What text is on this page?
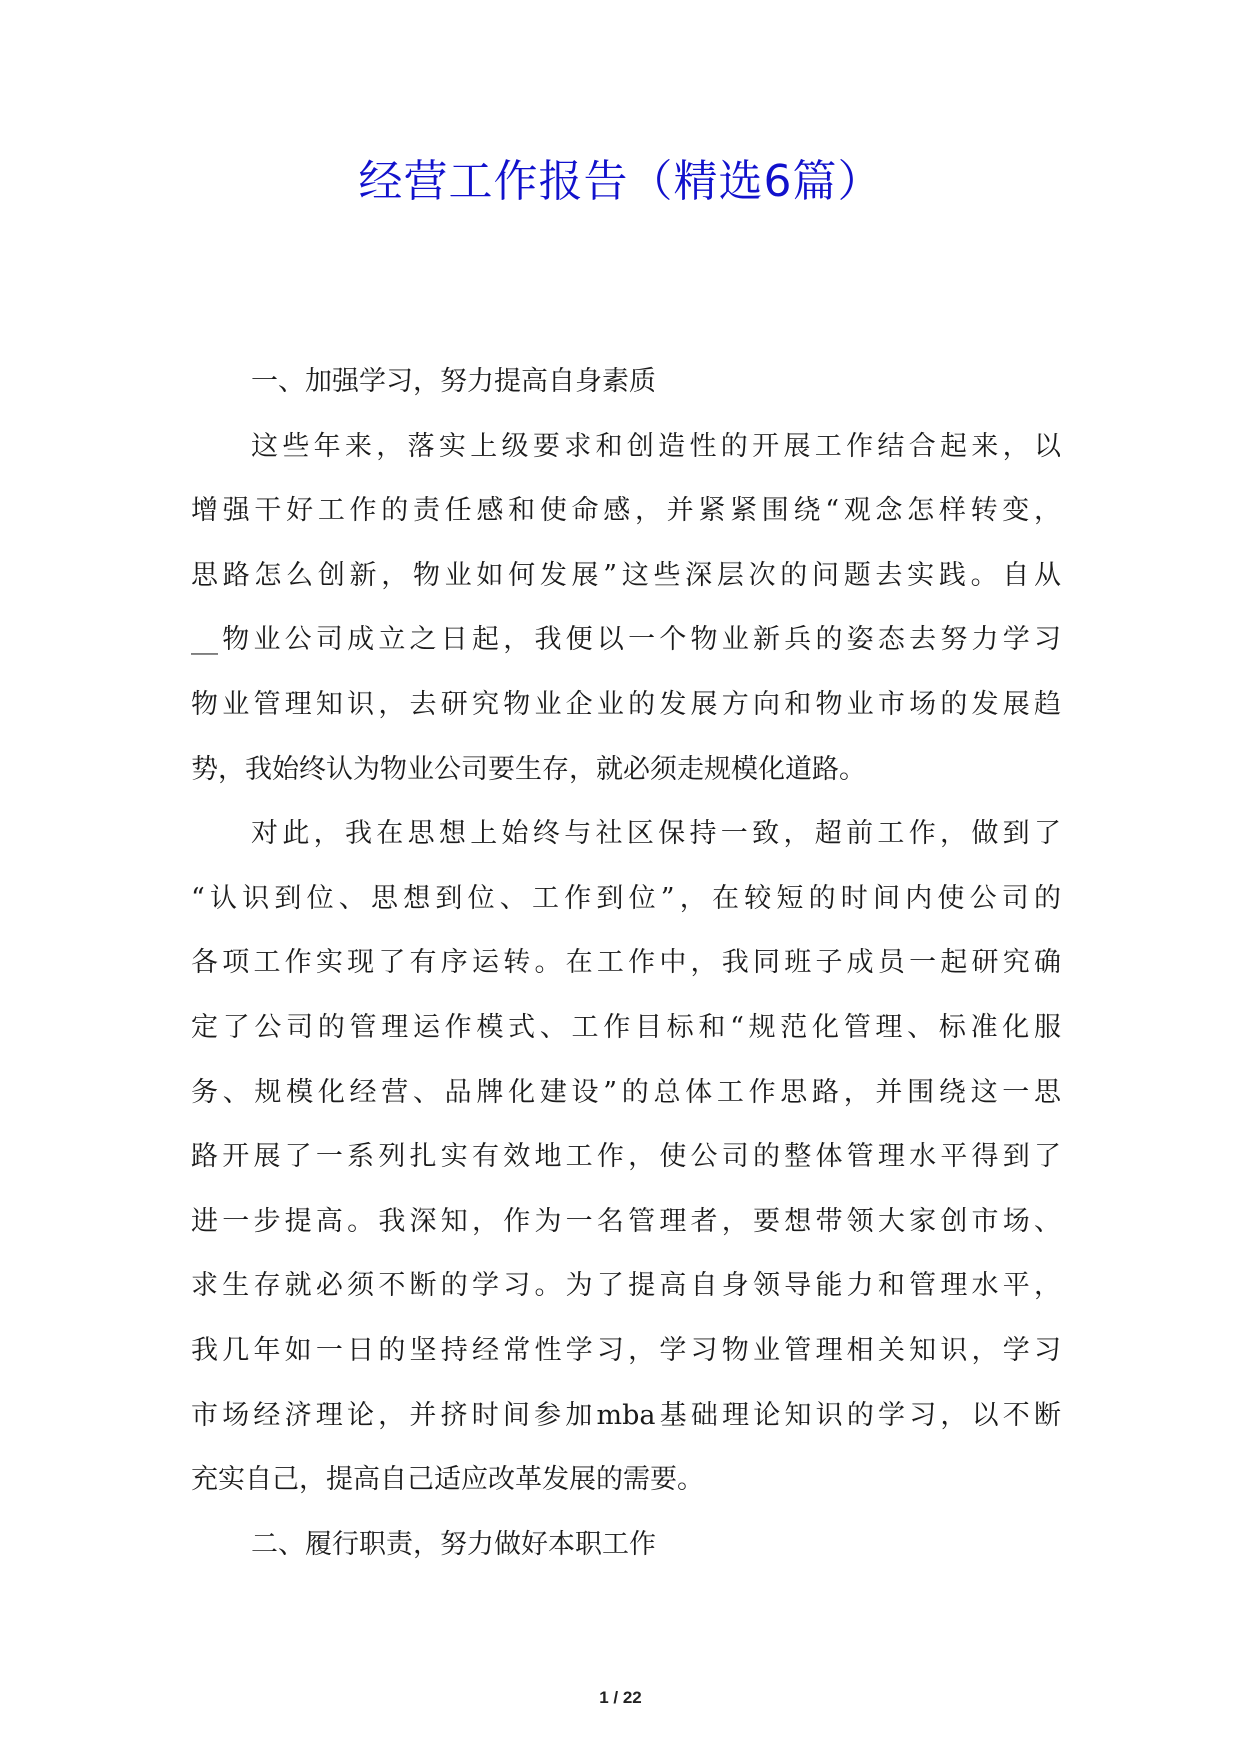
经营工作报告（精选6篇）
一、加强学习，努力提高自身素质
这些年来，落实上级要求和创造性的开展工作结合起来，以
增强干好工作的责任感和使命感，并紧紧围绕“观念怎样转变，
思路怎么创新，物业如何发展”这些深层次的问题去实践。自从
__物业公司成立之日起，我便以一个物业新兵的姿态去努力学习
物业管理知识，去研究物业企业的发展方向和物业市场的发展趋
势，我始终认为物业公司要生存，就必须走规模化道路。
对此，我在思想上始终与社区保持一致，超前工作，做到了
“认识到位、思想到位、工作到位”，在较短的时间内使公司的
各项工作实现了有序运转。在工作中，我同班子成员一起研究确
定了公司的管理运作模式、工作目标和“规范化管理、标准化服
务、规模化经营、品牌化建设”的总体工作思路，并围绕这一思
路开展了一系列扎实有效地工作，使公司的整体管理水平得到了
进一步提高。我深知，作为一名管理者，要想带领大家创市场、
求生存就必须不断的学习。为了提高自身领导能力和管理水平，
我几年如一日的坚持经常性学习，学习物业管理相关知识，学习
市场经济理论，并挤时间参加mba基础理论知识的学习，以不断
充实自己，提高自己适应改革发展的需要。
二、履行职责，努力做好本职工作
1 / 22
